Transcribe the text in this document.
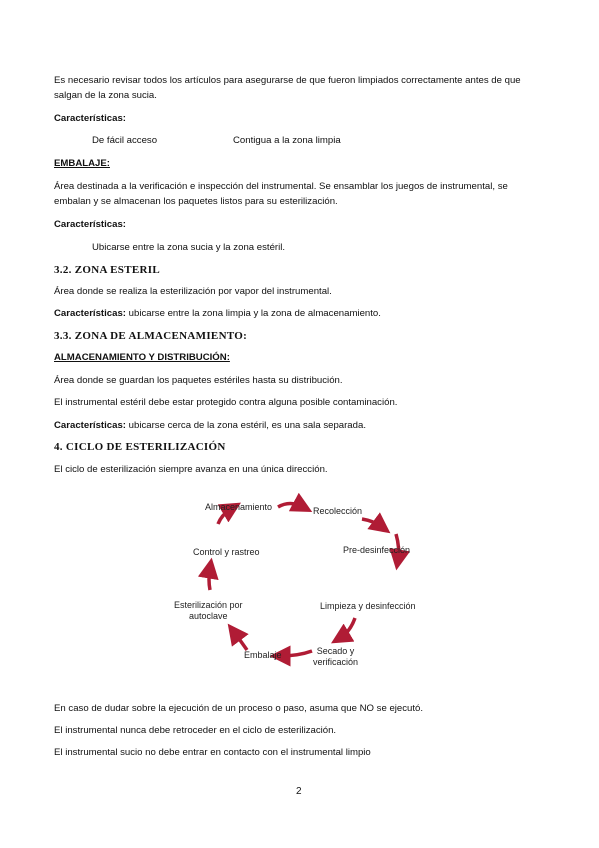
Es necesario revisar todos los artículos para asegurarse de que fueron limpiados correctamente antes de que
salgan de la zona sucia.
Características:
De fácil acceso	Contigua a la zona limpia
EMBALAJE:
Área destinada a la verificación e inspección del instrumental. Se ensamblar los juegos de instrumental, se
embalan y se almacenan los paquetes listos para su esterilización.
Características:
Ubicarse entre la zona sucia y la zona estéril.
3.2. ZONA ESTERIL
Área donde se realiza la esterilización por vapor del instrumental.
Características: ubicarse entre la zona limpia y la zona de almacenamiento.
3.3. ZONA DE ALMACENAMIENTO:
ALMACENAMIENTO Y DISTRIBUCIÓN:
Área donde se guardan los paquetes estériles hasta su distribución.
El instrumental estéril debe estar protegido contra alguna posible contaminación.
Características: ubicarse cerca de la zona estéril, es una sala separada.
4. CICLO DE ESTERILIZACIÓN
El ciclo de esterilización siempre avanza en una única dirección.
Almacenamiento	Recolección
Pre-desinfección
Limpieza y desinfección
Secado y
verificación
Embalaje
Esterilización por
autoclave
Control y rastreo
En caso de dudar sobre la ejecución de un proceso o paso, asuma que NO se ejecutó.
El instrumental nunca debe retroceder en el ciclo de esterilización.
El instrumental sucio no debe entrar en contacto con el instrumental limpio
2
